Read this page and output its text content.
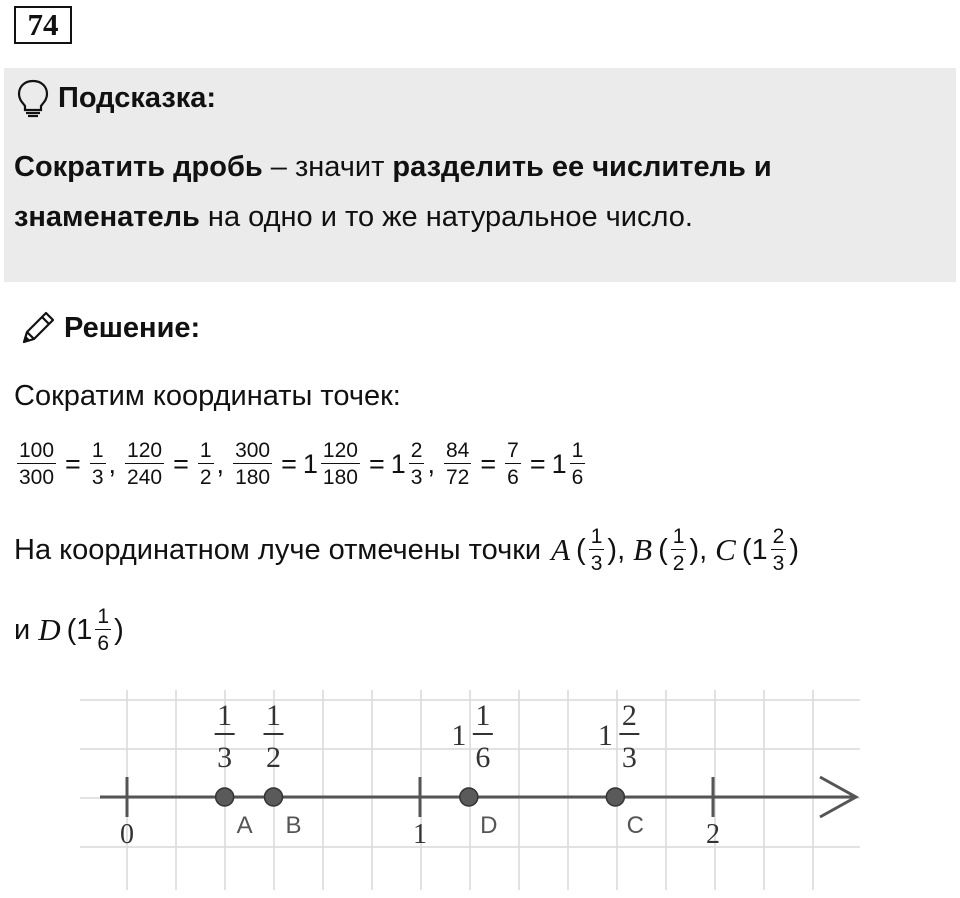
74
Подсказка:
Сократить дробь – значит разделить ее числитель и
знаменатель на одно и то же натуральное число.
Решение:
Сократим координаты точек:
$\frac{100}{300} = \frac{1}{3}$ , $\frac{120}{240} = \frac{1}{2}$ , $\frac{300}{180} = 1 \frac{120}{180} = 1 \frac{2}{3}$ , $\frac{84}{72} = \frac{7}{6} = 1 \frac{1}{6}$
На координатном луче отмечены точки A ( $\frac{1}{3}$ ) , B ( $\frac{1}{2}$ ) , C ( $1 \frac{2}{3}$ )
и D ( $1 \frac{1}{6}$ )
0	1	2
A
1
3
B
1
2
D
1
6
1
C
2
3
1
